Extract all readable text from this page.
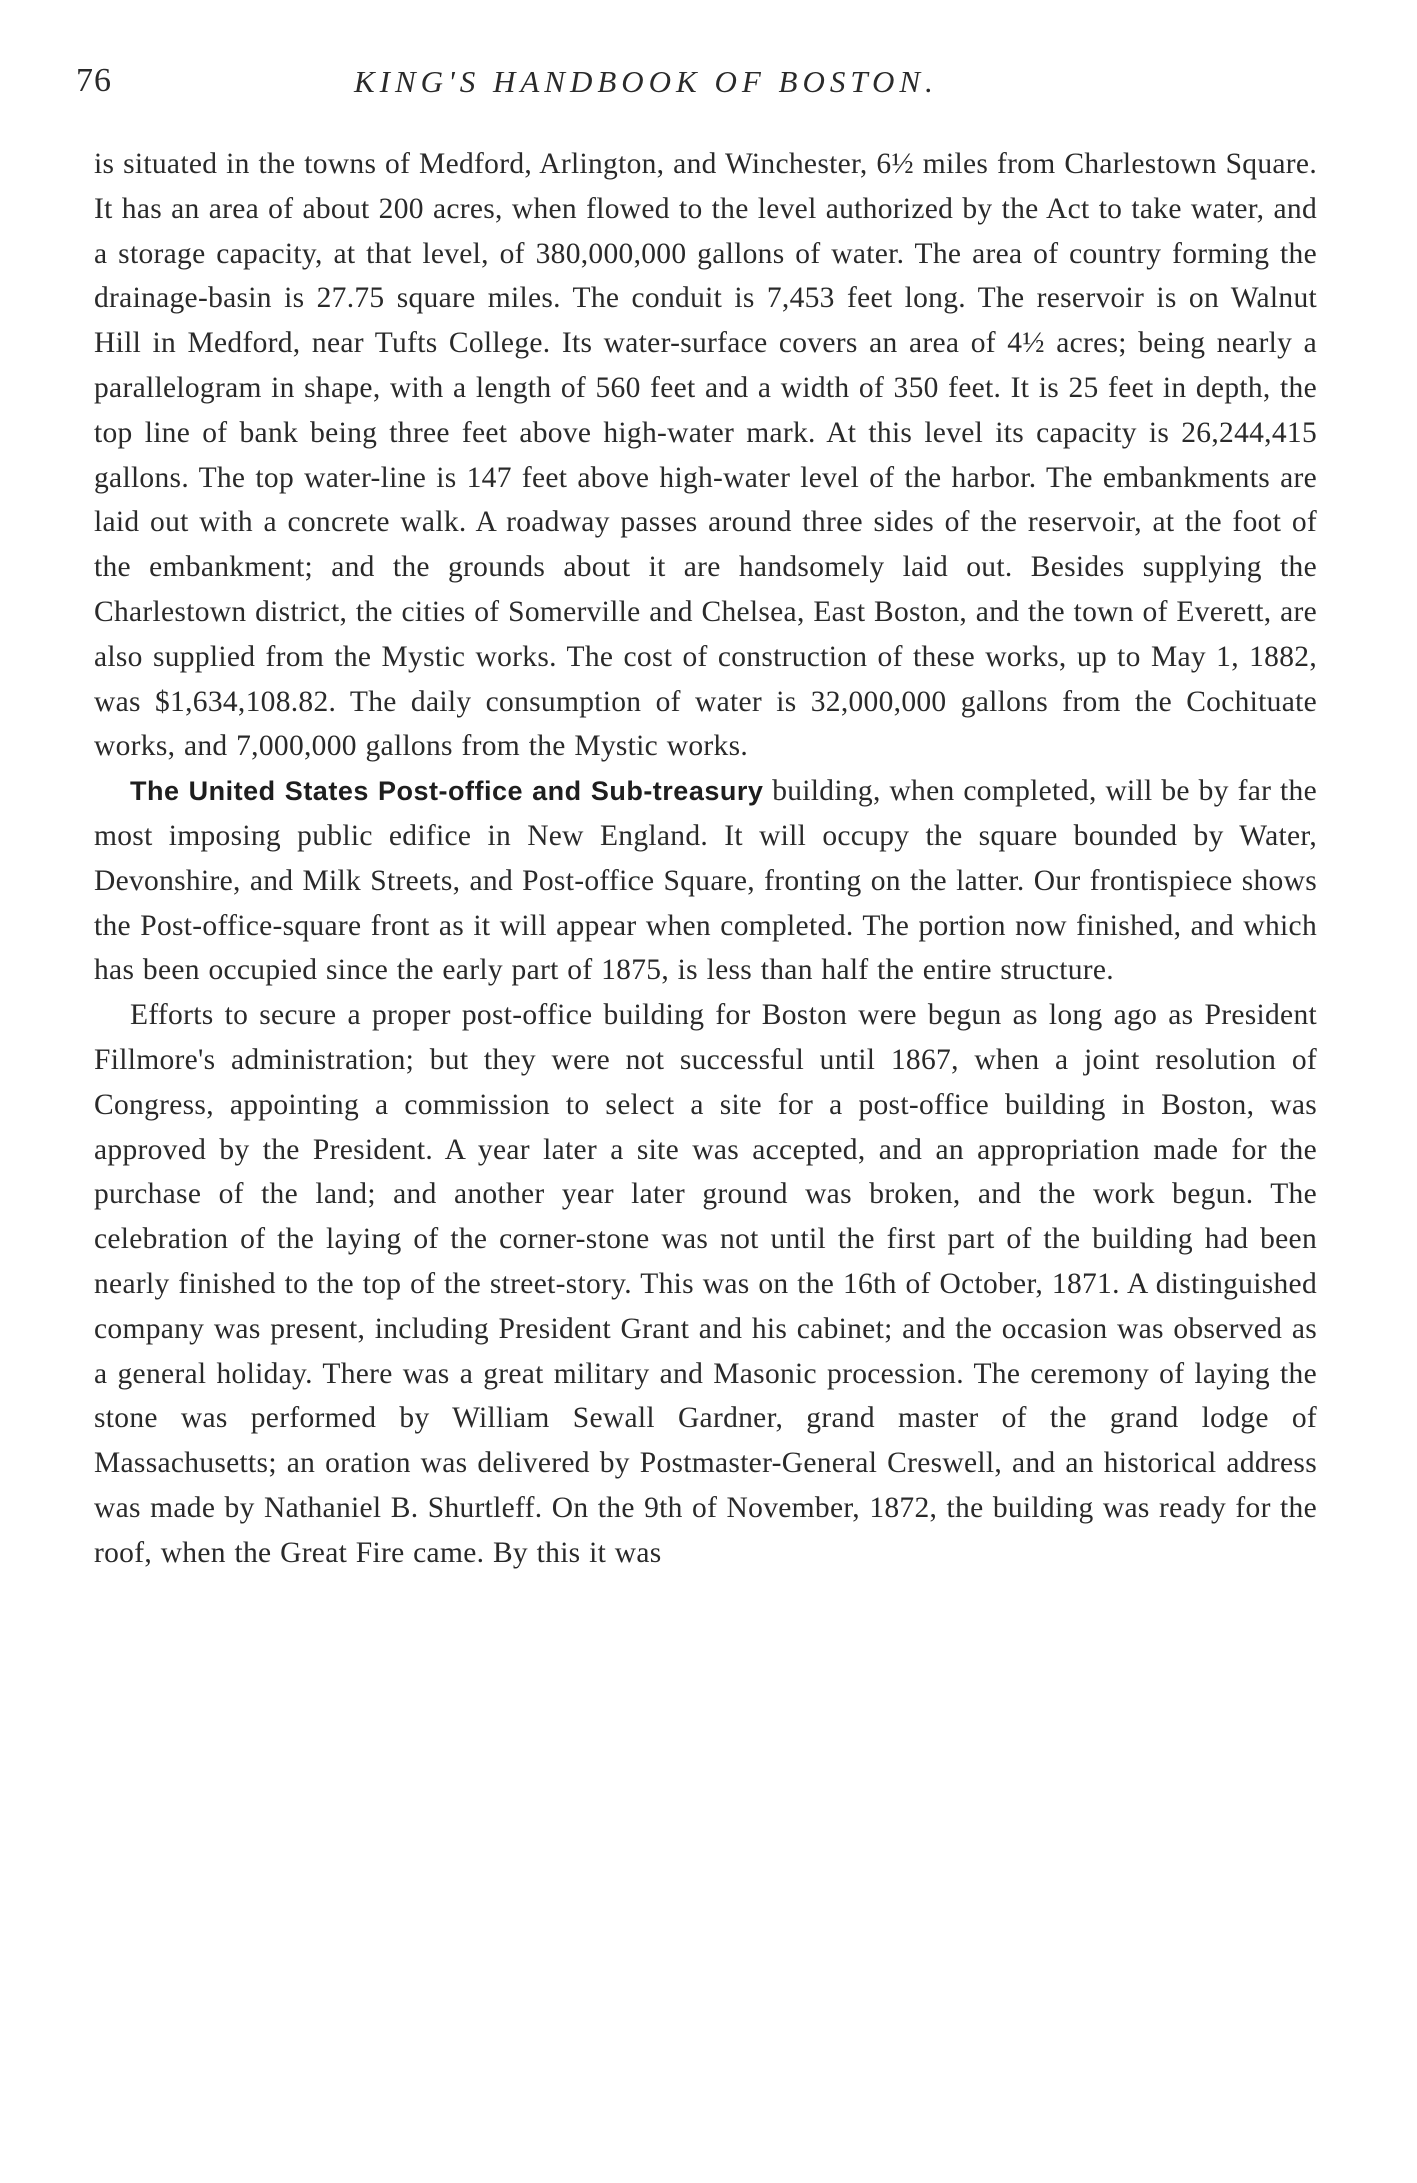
76	KING'S HANDBOOK OF BOSTON.

is situated in the towns of Medford, Arlington, and Winchester, 6½ miles from Charlestown Square. It has an area of about 200 acres, when flowed to the level authorized by the Act to take water, and a storage capacity, at that level, of 380,000,000 gallons of water. The area of country forming the drainage-basin is 27.75 square miles. The conduit is 7,453 feet long. The reservoir is on Walnut Hill in Medford, near Tufts College. Its water-surface covers an area of 4½ acres; being nearly a parallelogram in shape, with a length of 560 feet and a width of 350 feet. It is 25 feet in depth, the top line of bank being three feet above high-water mark. At this level its capacity is 26,244,415 gallons. The top water-line is 147 feet above high-water level of the harbor. The embankments are laid out with a concrete walk. A roadway passes around three sides of the reservoir, at the foot of the embankment; and the grounds about it are handsomely laid out. Besides supplying the Charlestown district, the cities of Somerville and Chelsea, East Boston, and the town of Everett, are also supplied from the Mystic works. The cost of construction of these works, up to May 1, 1882, was $1,634,108.82. The daily consumption of water is 32,000,000 gallons from the Cochituate works, and 7,000,000 gallons from the Mystic works.

The United States Post-office and Sub-treasury building, when completed, will be by far the most imposing public edifice in New England. It will occupy the square bounded by Water, Devonshire, and Milk Streets, and Post-office Square, fronting on the latter. Our frontispiece shows the Post-office-square front as it will appear when completed. The portion now finished, and which has been occupied since the early part of 1875, is less than half the entire structure.

Efforts to secure a proper post-office building for Boston were begun as long ago as President Fillmore's administration; but they were not successful until 1867, when a joint resolution of Congress, appointing a commission to select a site for a post-office building in Boston, was approved by the President. A year later a site was accepted, and an appropriation made for the purchase of the land; and another year later ground was broken, and the work begun. The celebration of the laying of the corner-stone was not until the first part of the building had been nearly finished to the top of the street-story. This was on the 16th of October, 1871. A distinguished company was present, including President Grant and his cabinet; and the occasion was observed as a general holiday. There was a great military and Masonic procession. The ceremony of laying the stone was performed by William Sewall Gardner, grand master of the grand lodge of Massachusetts; an oration was delivered by Postmaster-General Creswell, and an historical address was made by Nathaniel B. Shurtleff. On the 9th of November, 1872, the building was ready for the roof, when the Great Fire came. By this it was
